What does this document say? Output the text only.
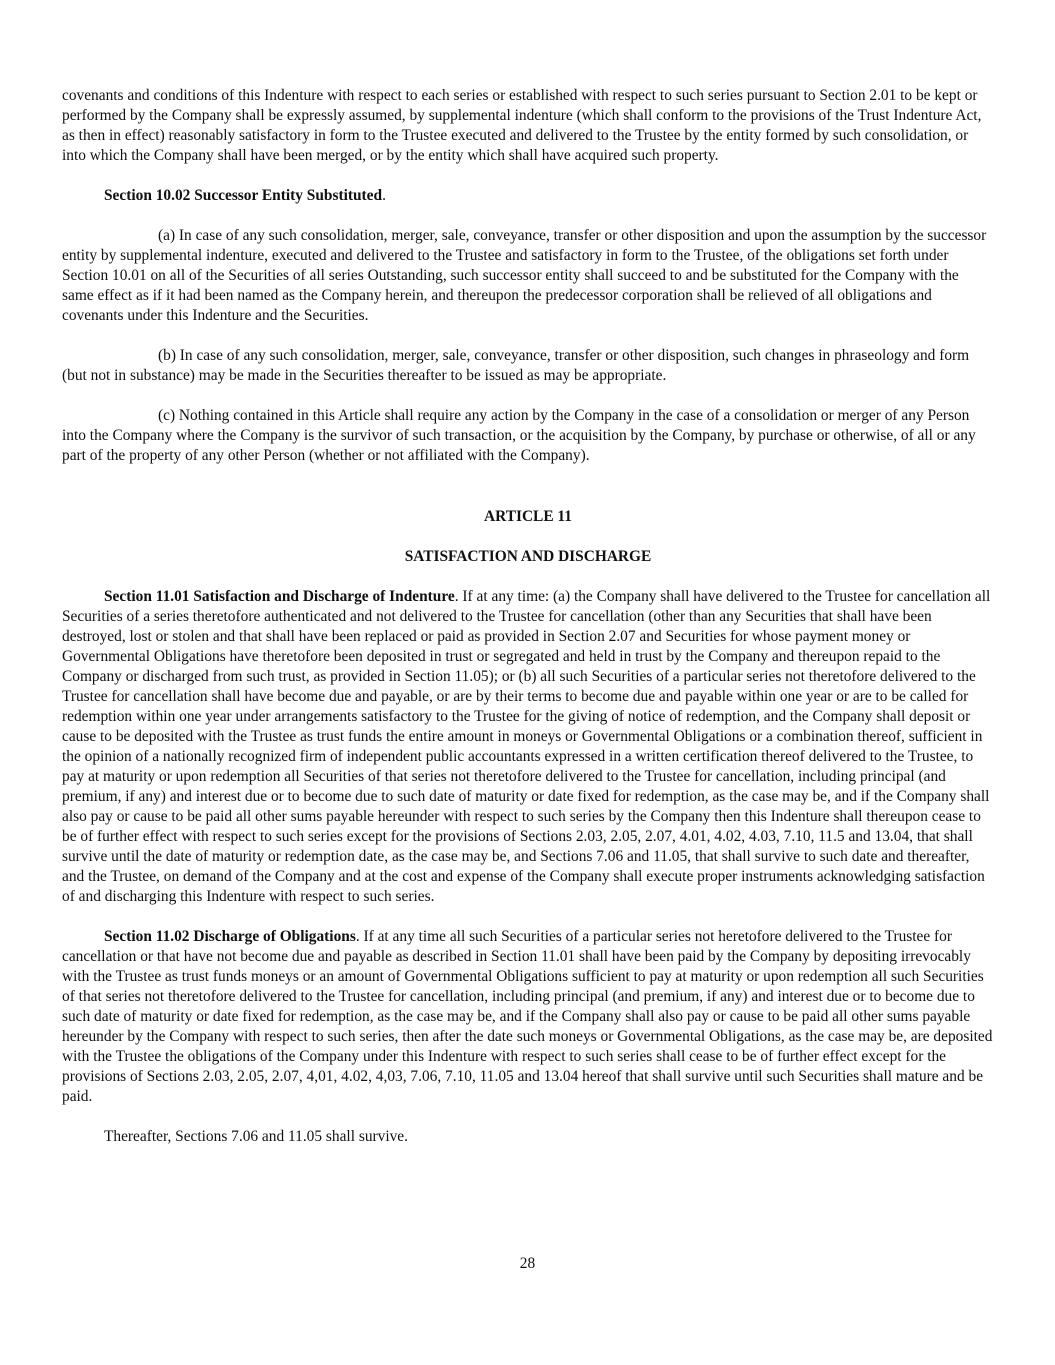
covenants and conditions of this Indenture with respect to each series or established with respect to such series pursuant to Section 2.01 to be kept or performed by the Company shall be expressly assumed, by supplemental indenture (which shall conform to the provisions of the Trust Indenture Act, as then in effect) reasonably satisfactory in form to the Trustee executed and delivered to the Trustee by the entity formed by such consolidation, or into which the Company shall have been merged, or by the entity which shall have acquired such property.

Section 10.02 Successor Entity Substituted.

(a) In case of any such consolidation, merger, sale, conveyance, transfer or other disposition and upon the assumption by the successor entity by supplemental indenture, executed and delivered to the Trustee and satisfactory in form to the Trustee, of the obligations set forth under Section 10.01 on all of the Securities of all series Outstanding, such successor entity shall succeed to and be substituted for the Company with the same effect as if it had been named as the Company herein, and thereupon the predecessor corporation shall be relieved of all obligations and covenants under this Indenture and the Securities.

(b) In case of any such consolidation, merger, sale, conveyance, transfer or other disposition, such changes in phraseology and form (but not in substance) may be made in the Securities thereafter to be issued as may be appropriate.

(c) Nothing contained in this Article shall require any action by the Company in the case of a consolidation or merger of any Person into the Company where the Company is the survivor of such transaction, or the acquisition by the Company, by purchase or otherwise, of all or any part of the property of any other Person (whether or not affiliated with the Company).

ARTICLE 11

SATISFACTION AND DISCHARGE

Section 11.01 Satisfaction and Discharge of Indenture. If at any time: (a) the Company shall have delivered to the Trustee for cancellation all Securities of a series theretofore authenticated and not delivered to the Trustee for cancellation (other than any Securities that shall have been destroyed, lost or stolen and that shall have been replaced or paid as provided in Section 2.07 and Securities for whose payment money or Governmental Obligations have theretofore been deposited in trust or segregated and held in trust by the Company and thereupon repaid to the Company or discharged from such trust, as provided in Section 11.05); or (b) all such Securities of a particular series not theretofore delivered to the Trustee for cancellation shall have become due and payable, or are by their terms to become due and payable within one year or are to be called for redemption within one year under arrangements satisfactory to the Trustee for the giving of notice of redemption, and the Company shall deposit or cause to be deposited with the Trustee as trust funds the entire amount in moneys or Governmental Obligations or a combination thereof, sufficient in the opinion of a nationally recognized firm of independent public accountants expressed in a written certification thereof delivered to the Trustee, to pay at maturity or upon redemption all Securities of that series not theretofore delivered to the Trustee for cancellation, including principal (and premium, if any) and interest due or to become due to such date of maturity or date fixed for redemption, as the case may be, and if the Company shall also pay or cause to be paid all other sums payable hereunder with respect to such series by the Company then this Indenture shall thereupon cease to be of further effect with respect to such series except for the provisions of Sections 2.03, 2.05, 2.07, 4.01, 4.02, 4.03, 7.10, 11.5 and 13.04, that shall survive until the date of maturity or redemption date, as the case may be, and Sections 7.06 and 11.05, that shall survive to such date and thereafter, and the Trustee, on demand of the Company and at the cost and expense of the Company shall execute proper instruments acknowledging satisfaction of and discharging this Indenture with respect to such series.

Section 11.02 Discharge of Obligations. If at any time all such Securities of a particular series not heretofore delivered to the Trustee for cancellation or that have not become due and payable as described in Section 11.01 shall have been paid by the Company by depositing irrevocably with the Trustee as trust funds moneys or an amount of Governmental Obligations sufficient to pay at maturity or upon redemption all such Securities of that series not theretofore delivered to the Trustee for cancellation, including principal (and premium, if any) and interest due or to become due to such date of maturity or date fixed for redemption, as the case may be, and if the Company shall also pay or cause to be paid all other sums payable hereunder by the Company with respect to such series, then after the date such moneys or Governmental Obligations, as the case may be, are deposited with the Trustee the obligations of the Company under this Indenture with respect to such series shall cease to be of further effect except for the provisions of Sections 2.03, 2.05, 2.07, 4,01, 4.02, 4,03, 7.06, 7.10, 11.05 and 13.04 hereof that shall survive until such Securities shall mature and be paid.

Thereafter, Sections 7.06 and 11.05 shall survive.

28
